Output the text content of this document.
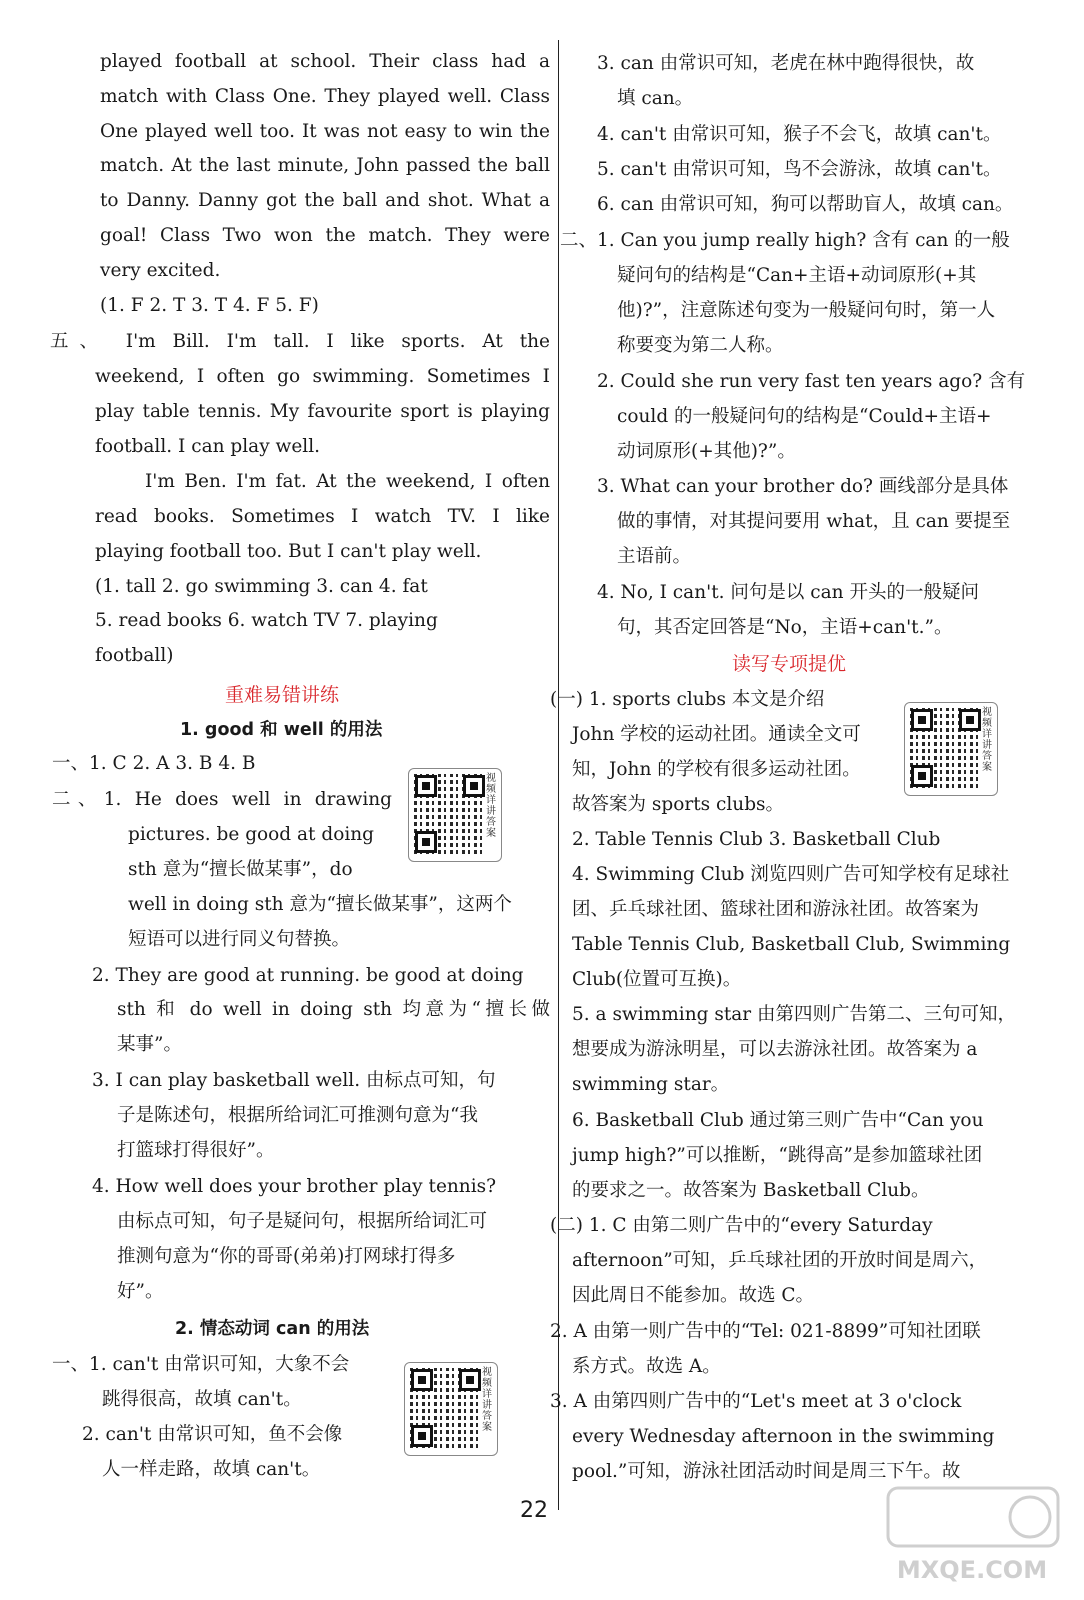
played football at school. Their class had a
match with Class One. They played well. Class
One played well too. It was not easy to win the
match. At the last minute, John passed the ball
to Danny. Danny got the ball and shot. What a
goal! Class Two won the match. They were
very excited.
(1. F 2. T 3. T 4. F 5. F)
五、 I'm Bill. I'm tall. I like sports. At the
weekend, I often go swimming. Sometimes I
play table tennis. My favourite sport is playing
football. I can play well.
I'm Ben. I'm fat. At the weekend, I often
read books. Sometimes I watch TV. I like
playing football too. But I can't play well.
(1. tall 2. go swimming 3. can 4. fat
5. read books 6. watch TV 7. playing
football)
一、1. C 2. A 3. B 4. B
二、1. He does well in drawing
pictures. be good at doing
sth 意为“擅长做某事”，do
well in doing sth 意为“擅长做某事”，这两个
短语可以进行同义句替换。
2. They are good at running. be good at doing
sth 和 do well in doing sth 均意为“擅长做
某事”。
3. I can play basketball well. 由标点可知，句
子是陈述句，根据所给词汇可推测句意为“我
打篮球打得很好”。
4. How well does your brother play tennis?
由标点可知，句子是疑问句，根据所给词汇可
推测句意为“你的哥哥(弟弟)打网球打得多
好”。
一、1. can't 由常识可知，大象不会
跳得很高，故填 can't。
2. can't 由常识可知，鱼不会像
人一样走路，故填 can't。
重难易错讲练
1. good 和 well 的用法
2. 情态动词 can 的用法
3. can 由常识可知，老虎在林中跑得很快，故
填 can。
4. can't 由常识可知，猴子不会飞，故填 can't。
5. can't 由常识可知，鸟不会游泳，故填 can't。
6. can 由常识可知，狗可以帮助盲人，故填 can。
二、1. Can you jump really high? 含有 can 的一般
疑问句的结构是“Can+主语+动词原形(+其
他)?”，注意陈述句变为一般疑问句时，第一人
称要变为第二人称。
2. Could she run very fast ten years ago? 含有
could 的一般疑问句的结构是“Could+主语+
动词原形(+其他)?”。
3. What can your brother do? 画线部分是具体
做的事情，对其提问要用 what，且 can 要提至
主语前。
4. No, I can't. 问句是以 can 开头的一般疑问
句，其否定回答是“No，主语+can't.”。
(一) 1. sports clubs 本文是介绍
John 学校的运动社团。通读全文可
知，John 的学校有很多运动社团。
故答案为 sports clubs。
2. Table Tennis Club 3. Basketball Club
4. Swimming Club 浏览四则广告可知学校有足球社
团、乒乓球社团、篮球社团和游泳社团。故答案为
Table Tennis Club, Basketball Club, Swimming
Club(位置可互换)。
5. a swimming star 由第四则广告第二、三句可知，
想要成为游泳明星，可以去游泳社团。故答案为 a
swimming star。
6. Basketball Club 通过第三则广告中“Can you
jump high?”可以推断，“跳得高”是参加篮球社团
的要求之一。故答案为 Basketball Club。
(二) 1. C 由第二则广告中的“every Saturday
afternoon”可知，乒乓球社团的开放时间是周六，
因此周日不能参加。故选 C。
2. A 由第一则广告中的“Tel: 021-8899”可知社团联
系方式。故选 A。
3. A 由第四则广告中的“Let's meet at 3 o'clock
every Wednesday afternoon in the swimming
pool.”可知，游泳社团活动时间是周三下午。故
读写专项提优
视频详讲答案
视频详讲答案
视频详讲答案
22
MXQE.COM
